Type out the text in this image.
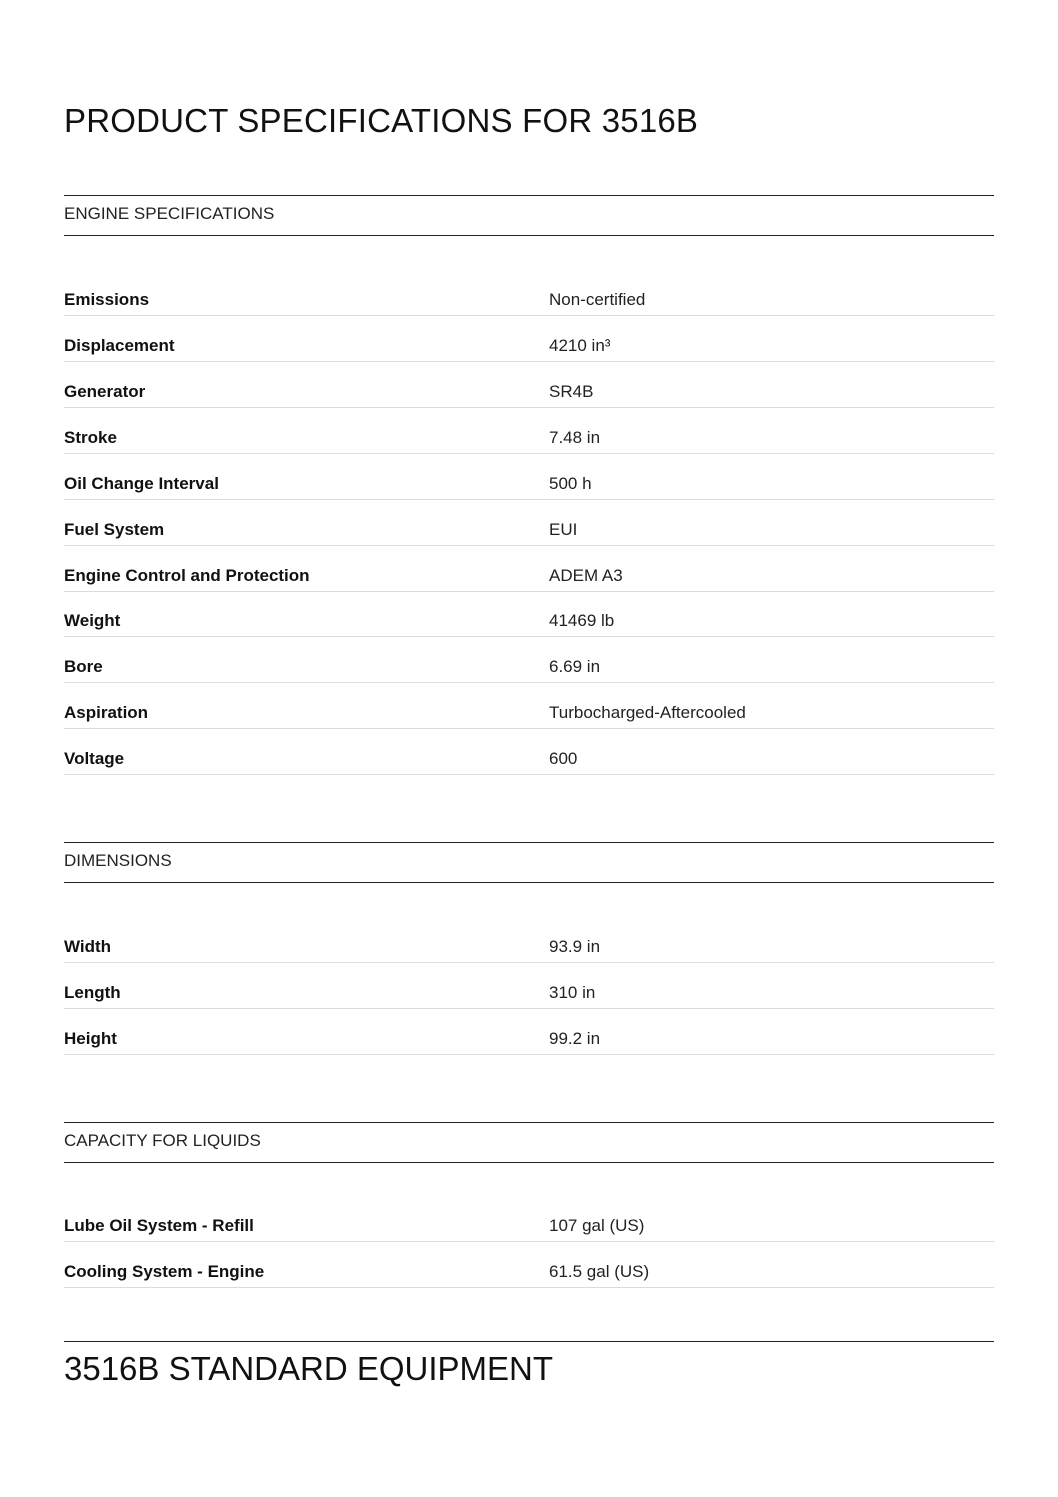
PRODUCT SPECIFICATIONS FOR 3516B
ENGINE SPECIFICATIONS
Emissions	Non-certified
Displacement	4210 in³
Generator	SR4B
Stroke	7.48 in
Oil Change Interval	500 h
Fuel System	EUI
Engine Control and Protection	ADEM A3
Weight	41469 lb
Bore	6.69 in
Aspiration	Turbocharged-Aftercooled
Voltage	600
DIMENSIONS
Width	93.9 in
Length	310 in
Height	99.2 in
CAPACITY FOR LIQUIDS
Lube Oil System - Refill	107 gal (US)
Cooling System - Engine	61.5 gal (US)
3516B STANDARD EQUIPMENT
